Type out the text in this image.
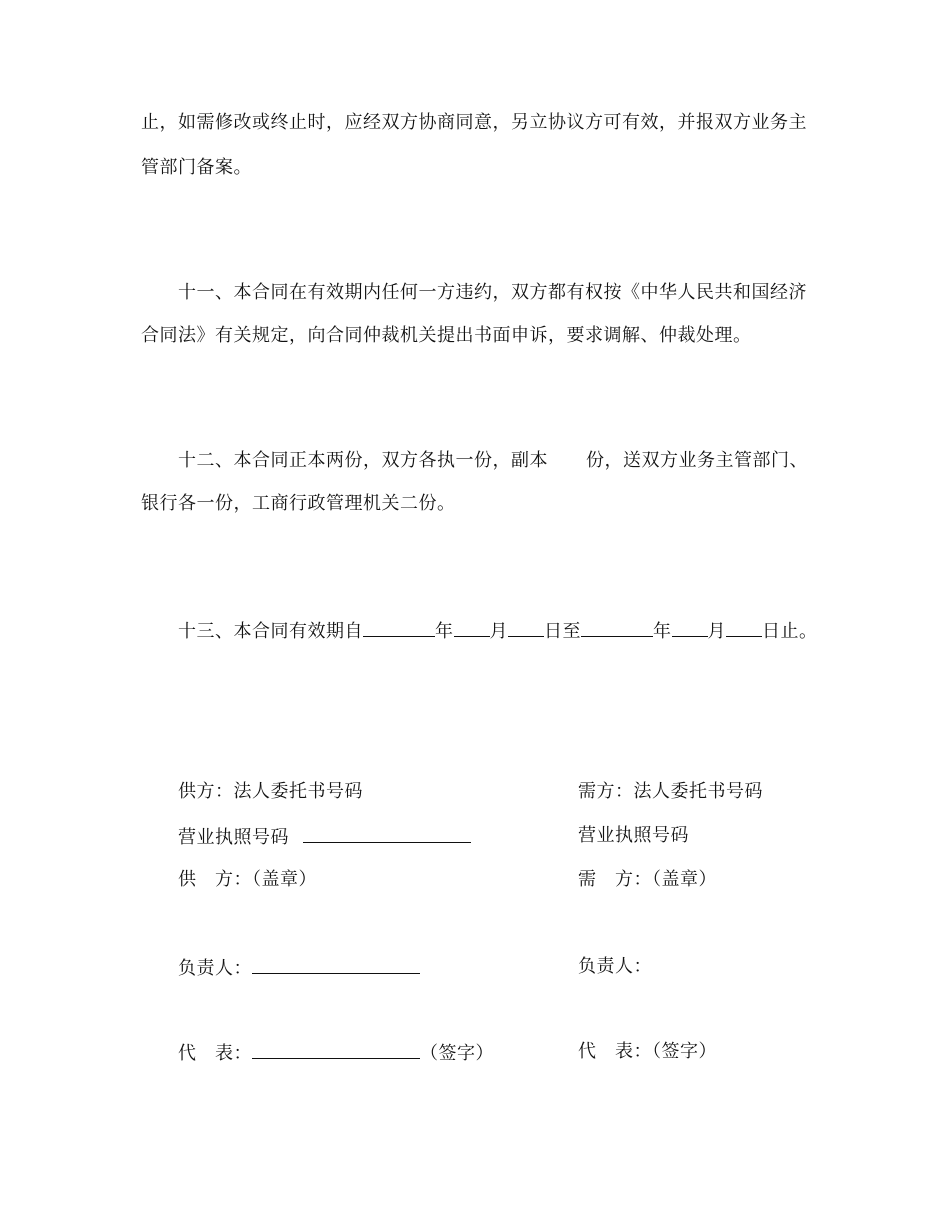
止，如需修改或终止时，应经双方协商同意，另立协议方可有效，并报双方业务主
管部门备案。
十一、本合同在有效期内任何一方违约，双方都有权按《中华人民共和国经济
合同法》有关规定，向合同仲裁机关提出书面申诉，要求调解、仲裁处理。
十二、本合同正本两份，双方各执一份，副本 份，送双方业务主管部门、
银行各一份，工商行政管理机关二份。
十三、本合同有效期自	年 月 日至	年 月 日止。
供方：法人委托书号码
营业执照号码
供　方：（盖章）
负责人：
代　表：	（签字）
需方：法人委托书号码
营业执照号码
需　方：（盖章）
负责人：
代　表：（签字）
